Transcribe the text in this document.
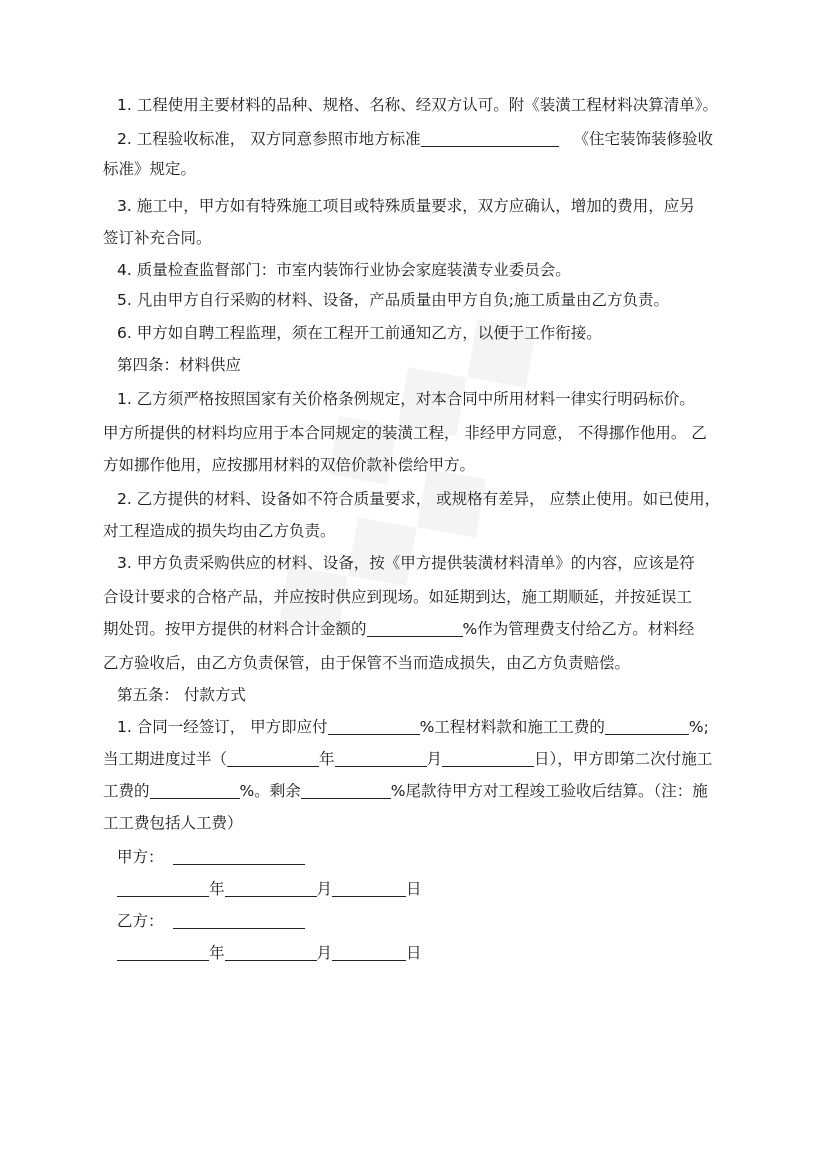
1. 工程使用主要材料的品种、规格、名称、经双方认可。附《装潢工程材料决算清单》。
2. 工程验收标准， 双方同意参照市地方标准	《住宅装饰装修验收
标准》规定。
3. 施工中，甲方如有特殊施工项目或特殊质量要求，双方应确认，增加的费用，应另
签订补充合同。
4. 质量检查监督部门：市室内装饰行业协会家庭装潢专业委员会。
5. 凡由甲方自行采购的材料、设备，产品质量由甲方自负;施工质量由乙方负责。
6. 甲方如自聘工程监理，须在工程开工前通知乙方，以便于工作衔接。
第四条：材料供应
1. 乙方须严格按照国家有关价格条例规定，对本合同中所用材料一律实行明码标价。
甲方所提供的材料均应用于本合同规定的装潢工程， 非经甲方同意， 不得挪作他用。 乙
方如挪作他用，应按挪用材料的双倍价款补偿给甲方。
2. 乙方提供的材料、设备如不符合质量要求， 或规格有差异， 应禁止使用。如已使用，
对工程造成的损失均由乙方负责。
3. 甲方负责采购供应的材料、设备，按《甲方提供装潢材料清单》的内容，应该是符
合设计要求的合格产品，并应按时供应到现场。如延期到达，施工期顺延，并按延误工
期处罚。按甲方提供的材料合计金额的	%作为管理费支付给乙方。材料经
乙方验收后，由乙方负责保管，由于保管不当而造成损失，由乙方负责赔偿。
第五条： 付款方式
1. 合同一经签订， 甲方即应付	%工程材料款和施工工费的	%;
当工期进度过半（	年	月	日），甲方即第二次付施工
工费的	%。剩余	%尾款待甲方对工程竣工验收后结算。（注：施
工工费包括人工费）
甲方：
年	月	日
乙方：
年	月	日
